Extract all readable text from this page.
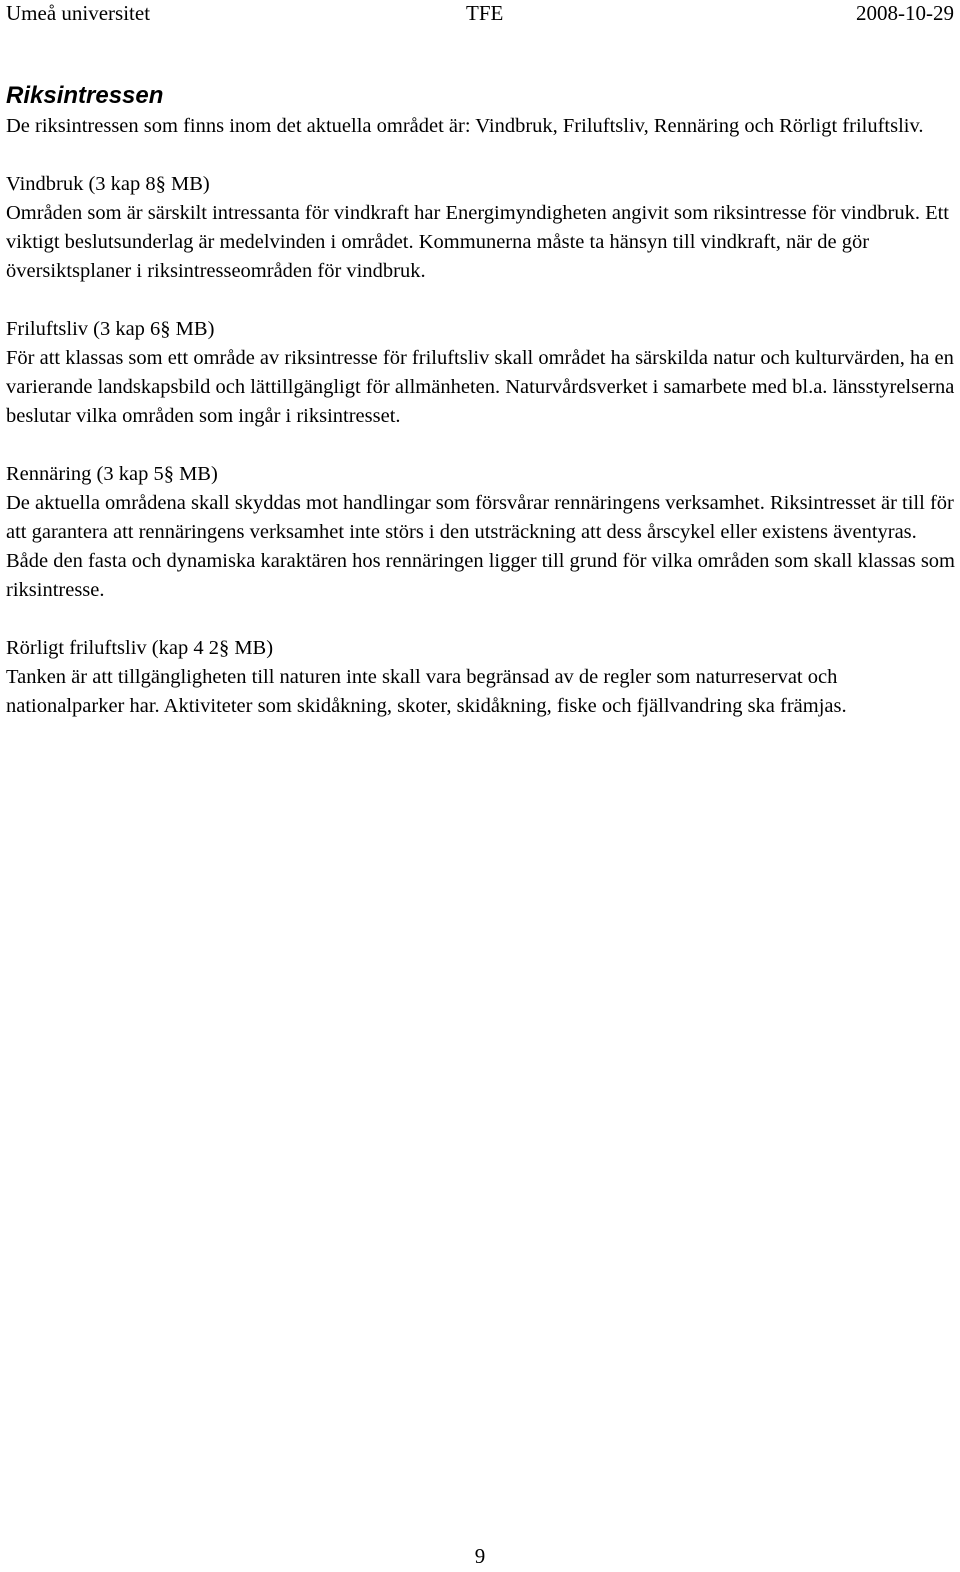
Umeå universitet	TFE	2008-10-29
Riksintressen

De riksintressen som finns inom det aktuella området är: Vindbruk, Friluftsliv, Rennäring och Rörligt friluftsliv.

Vindbruk (3 kap 8§ MB)

Områden som är särskilt intressanta för vindkraft har Energimyndigheten angivit som riksintresse för vindbruk. Ett viktigt beslutsunderlag är medelvinden i området. Kommunerna måste ta hänsyn till vindkraft, när de gör översiktsplaner i riksintresseområden för vindbruk.

Friluftsliv (3 kap 6§ MB)

För att klassas som ett område av riksintresse för friluftsliv skall området ha särskilda natur och kulturvärden, ha en varierande landskapsbild och lättillgängligt för allmänheten. Naturvårdsverket i samarbete med bl.a. länsstyrelserna beslutar vilka områden som ingår i riksintresset.

Rennäring (3 kap 5§ MB)

De aktuella områdena skall skyddas mot handlingar som försvårar rennäringens verksamhet. Riksintresset är till för att garantera att rennäringens verksamhet inte störs i den utsträckning att dess årscykel eller existens äventyras. Både den fasta och dynamiska karaktären hos rennäringen ligger till grund för vilka områden som skall klassas som riksintresse.

Rörligt friluftsliv (kap 4 2§ MB)

Tanken är att tillgängligheten till naturen inte skall vara begränsad av de regler som naturreservat och nationalparker har. Aktiviteter som skidåkning, skoter, skidåkning, fiske och fjällvandring ska främjas.

9
